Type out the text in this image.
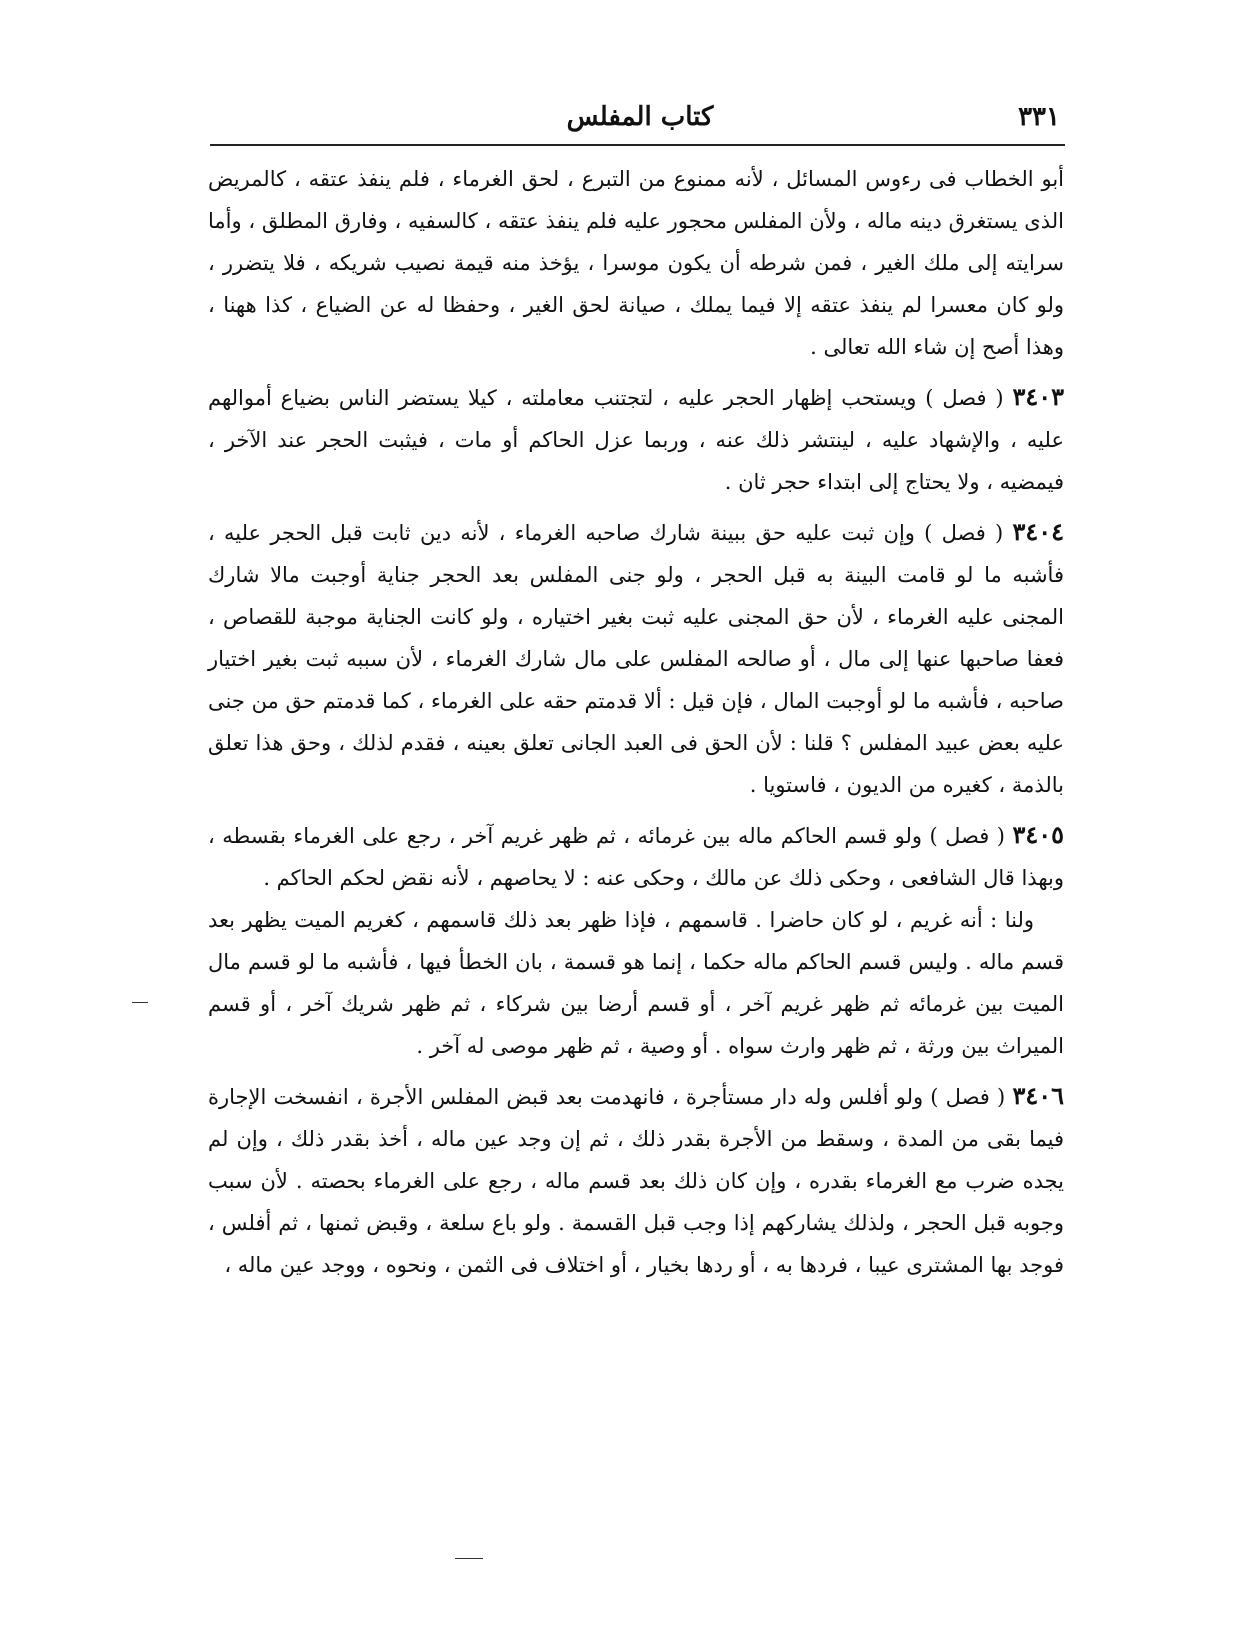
٣٣١
كتاب المفلس

أبو الخطاب فى رءوس المسائل ، لأنه ممنوع من التبرع ، لحق الغرماء ، فلم ينفذ عتقه ، كالمريض الذى يستغرق دينه ماله ، ولأن المفلس محجور عليه فلم ينفذ عتقه ، كالسفيه ، وفارق المطلق ، وأما سرايته إلى ملك الغير ، فمن شرطه أن يكون موسرا ، يؤخذ منه قيمة نصيب شريكه ، فلا يتضرر ، ولو كان معسرا لم ينفذ عتقه إلا فيما يملك ، صيانة لحق الغير ، وحفظا له عن الضياع ، كذا ههنا ، وهذا أصح إن شاء الله تعالى .

٣٤٠٣ ( فصل ) ويستحب إظهار الحجر عليه ، لتجتنب معاملته ، كيلا يستضر الناس بضياع أموالهم عليه ، والإشهاد عليه ، لينتشر ذلك عنه ، وربما عزل الحاكم أو مات ، فيثبت الحجر عند الآخر ، فيمضيه ، ولا يحتاج إلى ابتداء حجر ثان .

٣٤٠٤ ( فصل ) وإن ثبت عليه حق ببينة شارك صاحبه الغرماء ، لأنه دين ثابت قبل الحجر عليه ، فأشبه ما لو قامت البينة به قبل الحجر ، ولو جنى المفلس بعد الحجر جناية أوجبت مالا شارك المجنى عليه الغرماء ، لأن حق المجنى عليه ثبت بغير اختياره ، ولو كانت الجناية موجبة للقصاص ، فعفا صاحبها عنها إلى مال ، أو صالحه المفلس على مال شارك الغرماء ، لأن سببه ثبت بغير اختيار صاحبه ، فأشبه ما لو أوجبت المال ، فإن قيل : ألا قدمتم حقه على الغرماء ، كما قدمتم حق من جنى عليه بعض عبيد المفلس ؟ قلنا : لأن الحق فى العبد الجانى تعلق بعينه ، فقدم لذلك ، وحق هذا تعلق بالذمة ، كغيره من الديون ، فاستويا .

٣٤٠٥ ( فصل ) ولو قسم الحاكم ماله بين غرمائه ، ثم ظهر غريم آخر ، رجع على الغرماء بقسطه ، وبهذا قال الشافعى ، وحكى ذلك عن مالك ، وحكى عنه : لا يحاصهم ، لأنه نقض لحكم الحاكم .

ولنا : أنه غريم ، لو كان حاضرا . قاسمهم ، فإذا ظهر بعد ذلك قاسمهم ، كغريم الميت يظهر بعد قسم ماله . وليس قسم الحاكم ماله حكما ، إنما هو قسمة ، بان الخطأ فيها ، فأشبه ما لو قسم مال الميت بين غرمائه ثم ظهر غريم آخر ، أو قسم أرضا بين شركاء ، ثم ظهر شريك آخر ، أو قسم الميراث بين ورثة ، ثم ظهر وارث سواه . أو وصية ، ثم ظهر موصى له آخر .

٣٤٠٦ ( فصل ) ولو أفلس وله دار مستأجرة ، فانهدمت بعد قبض المفلس الأجرة ، انفسخت الإجارة فيما بقى من المدة ، وسقط من الأجرة بقدر ذلك ، ثم إن وجد عين ماله ، أخذ بقدر ذلك ، وإن لم يجده ضرب مع الغرماء بقدره ، وإن كان ذلك بعد قسم ماله ، رجع على الغرماء بحصته . لأن سبب وجوبه قبل الحجر ، ولذلك يشاركهم إذا وجب قبل القسمة . ولو باع سلعة ، وقبض ثمنها ، ثم أفلس ، فوجد بها المشترى عيبا ، فردها به ، أو ردها بخيار ، أو اختلاف فى الثمن ، ونحوه ، ووجد عين ماله ،
